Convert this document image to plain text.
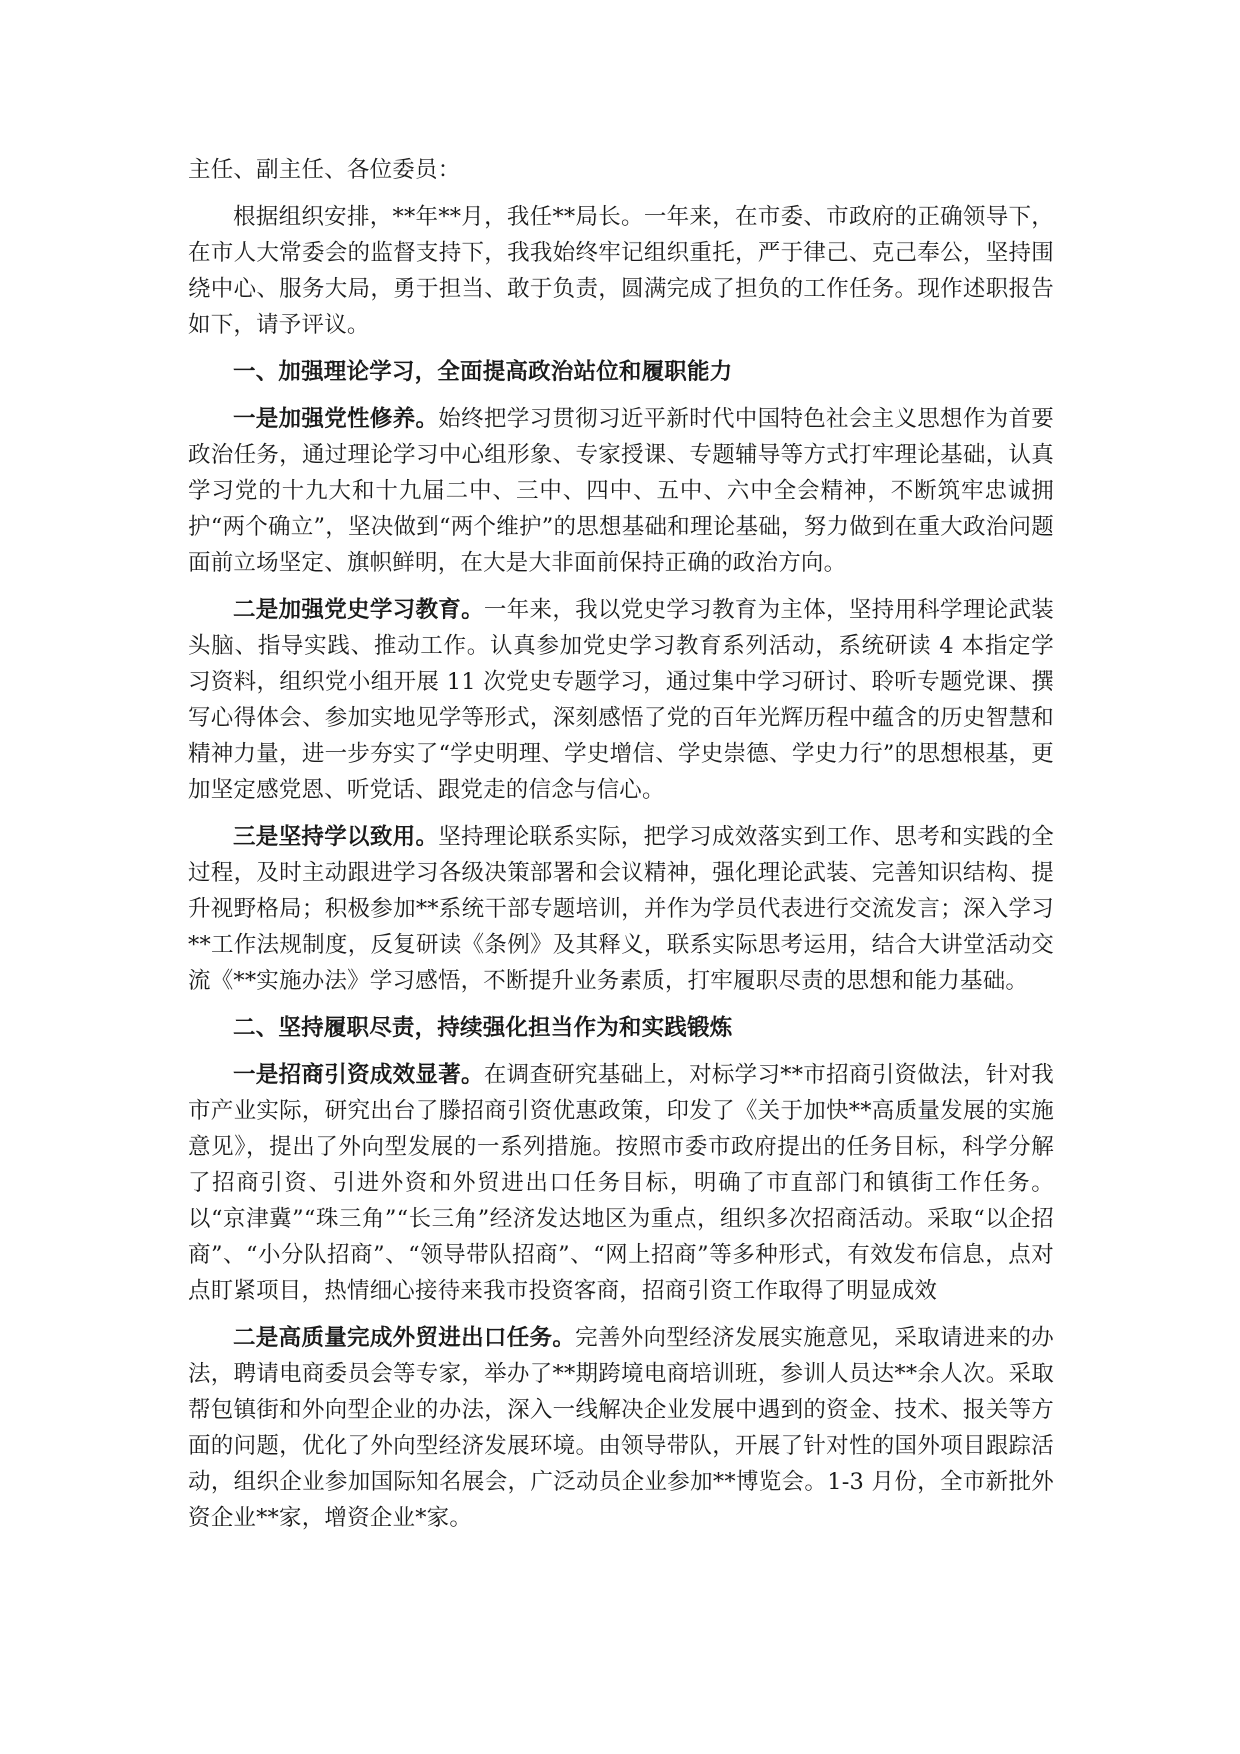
主任、副主任、各位委员：

根据组织安排，**年**月，我任**局长。一年来，在市委、市政府的正确领导下，在市人大常委会的监督支持下，我我始终牢记组织重托，严于律己、克己奉公，坚持围绕中心、服务大局，勇于担当、敢于负责，圆满完成了担负的工作任务。现作述职报告如下，请予评议。

一、加强理论学习，全面提高政治站位和履职能力

一是加强党性修养。始终把学习贯彻习近平新时代中国特色社会主义思想作为首要政治任务，通过理论学习中心组形象、专家授课、专题辅导等方式打牢理论基础，认真学习党的十九大和十九届二中、三中、四中、五中、六中全会精神，不断筑牢忠诚拥护“两个确立”，坚决做到“两个维护”的思想基础和理论基础，努力做到在重大政治问题面前立场坚定、旗帜鲜明，在大是大非面前保持正确的政治方向。

二是加强党史学习教育。一年来，我以党史学习教育为主体，坚持用科学理论武装头脑、指导实践、推动工作。认真参加党史学习教育系列活动，系统研读 4 本指定学习资料，组织党小组开展 11 次党史专题学习，通过集中学习研讨、聆听专题党课、撰写心得体会、参加实地见学等形式，深刻感悟了党的百年光辉历程中蕴含的历史智慧和精神力量，进一步夯实了“学史明理、学史增信、学史崇德、学史力行”的思想根基，更加坚定感党恩、听党话、跟党走的信念与信心。

三是坚持学以致用。坚持理论联系实际，把学习成效落实到工作、思考和实践的全过程，及时主动跟进学习各级决策部署和会议精神，强化理论武装、完善知识结构、提升视野格局；积极参加**系统干部专题培训，并作为学员代表进行交流发言；深入学习**工作法规制度，反复研读《条例》及其释义，联系实际思考运用，结合大讲堂活动交流《**实施办法》学习感悟，不断提升业务素质，打牢履职尽责的思想和能力基础。

二、坚持履职尽责，持续强化担当作为和实践锻炼

一是招商引资成效显著。在调查研究基础上，对标学习**市招商引资做法，针对我市产业实际，研究出台了滕招商引资优惠政策，印发了《关于加快**高质量发展的实施意见》，提出了外向型发展的一系列措施。按照市委市政府提出的任务目标，科学分解了招商引资、引进外资和外贸进出口任务目标，明确了市直部门和镇街工作任务。以“京津冀”“珠三角”“长三角”经济发达地区为重点，组织多次招商活动。采取“以企招商”、“小分队招商”、“领导带队招商”、“网上招商”等多种形式，有效发布信息，点对点盯紧项目，热情细心接待来我市投资客商，招商引资工作取得了明显成效

二是高质量完成外贸进出口任务。完善外向型经济发展实施意见，采取请进来的办法，聘请电商委员会等专家，举办了**期跨境电商培训班，参训人员达**余人次。采取帮包镇街和外向型企业的办法，深入一线解决企业发展中遇到的资金、技术、报关等方面的问题，优化了外向型经济发展环境。由领导带队，开展了针对性的国外项目跟踪活动，组织企业参加国际知名展会，广泛动员企业参加**博览会。1-3 月份，全市新批外资企业**家，增资企业*家。
